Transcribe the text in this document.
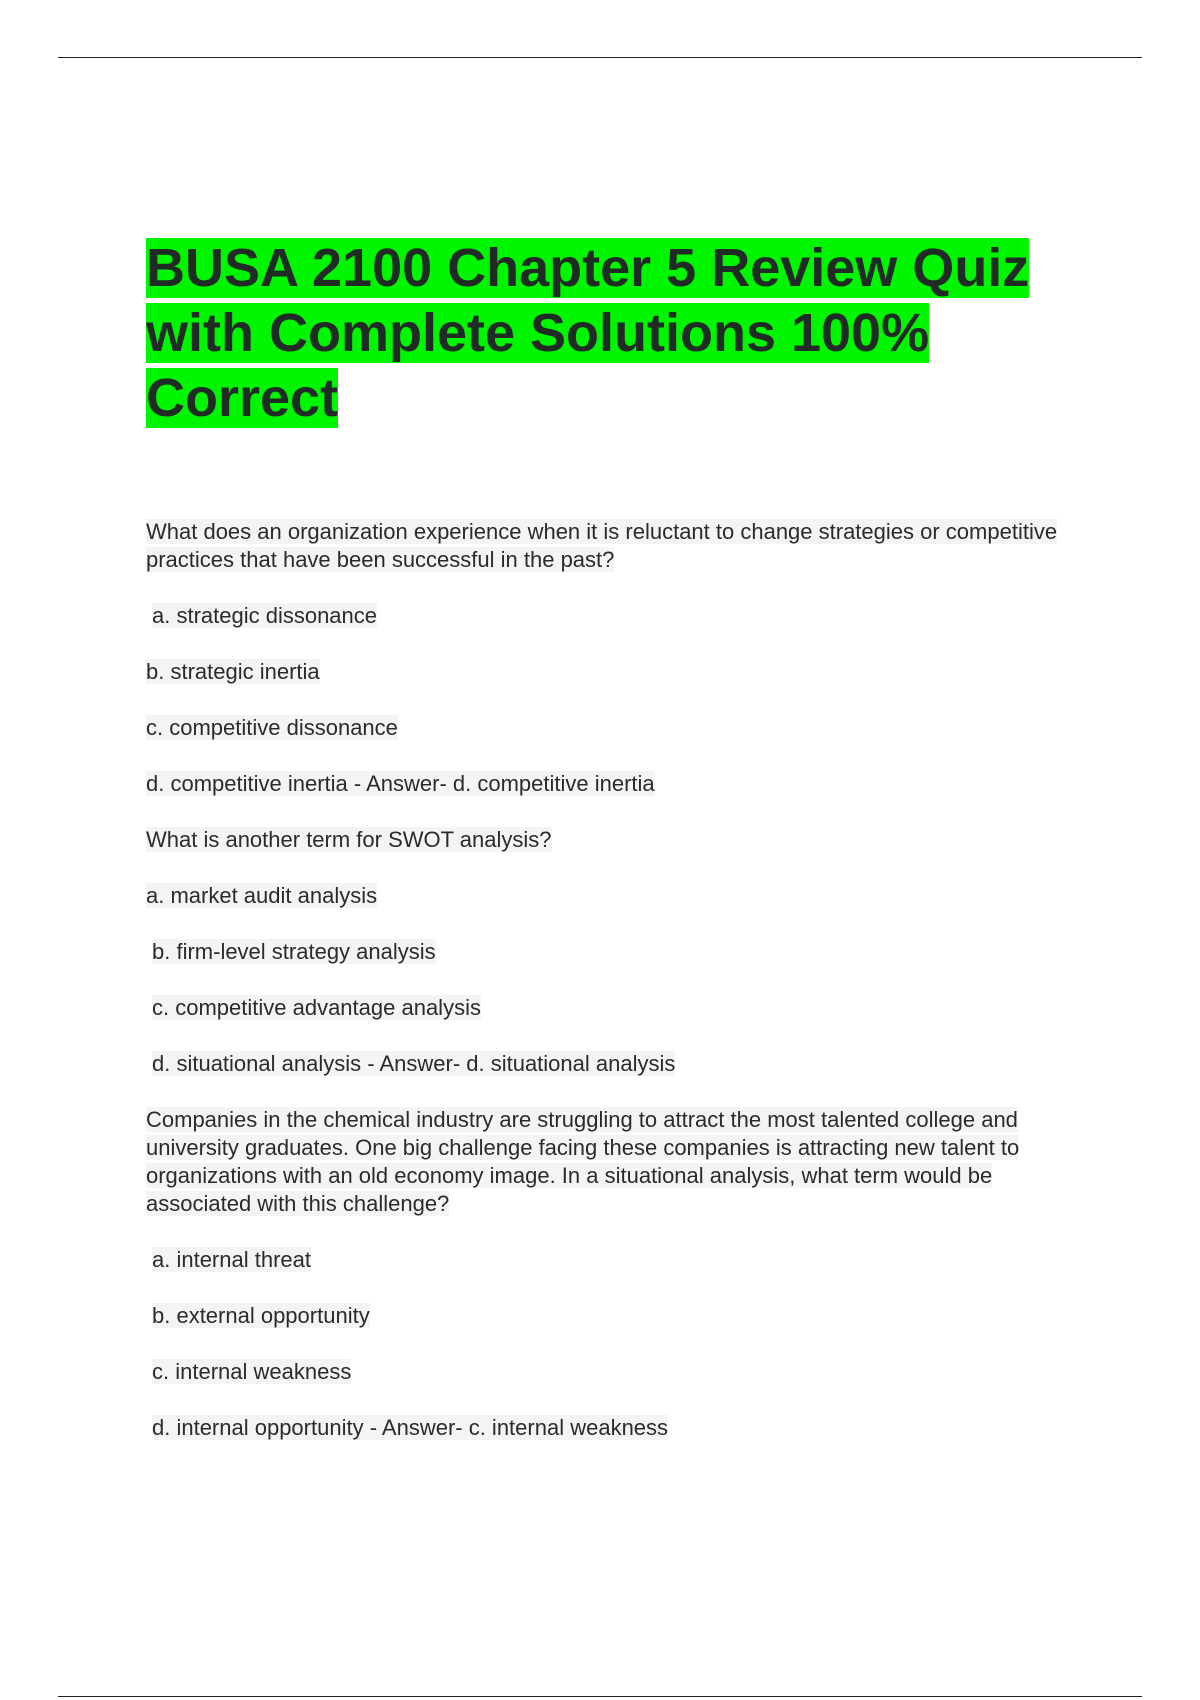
BUSA 2100 Chapter 5 Review Quiz with Complete Solutions 100% Correct

What does an organization experience when it is reluctant to change strategies or competitive practices that have been successful in the past?

a. strategic dissonance

b. strategic inertia

c. competitive dissonance

d. competitive inertia - Answer- d. competitive inertia

What is another term for SWOT analysis?

a. market audit analysis

b. firm-level strategy analysis

c. competitive advantage analysis

d. situational analysis - Answer- d. situational analysis

Companies in the chemical industry are struggling to attract the most talented college and university graduates. One big challenge facing these companies is attracting new talent to organizations with an old economy image. In a situational analysis, what term would be associated with this challenge?

a. internal threat

b. external opportunity

c. internal weakness

d. internal opportunity - Answer- c. internal weakness
